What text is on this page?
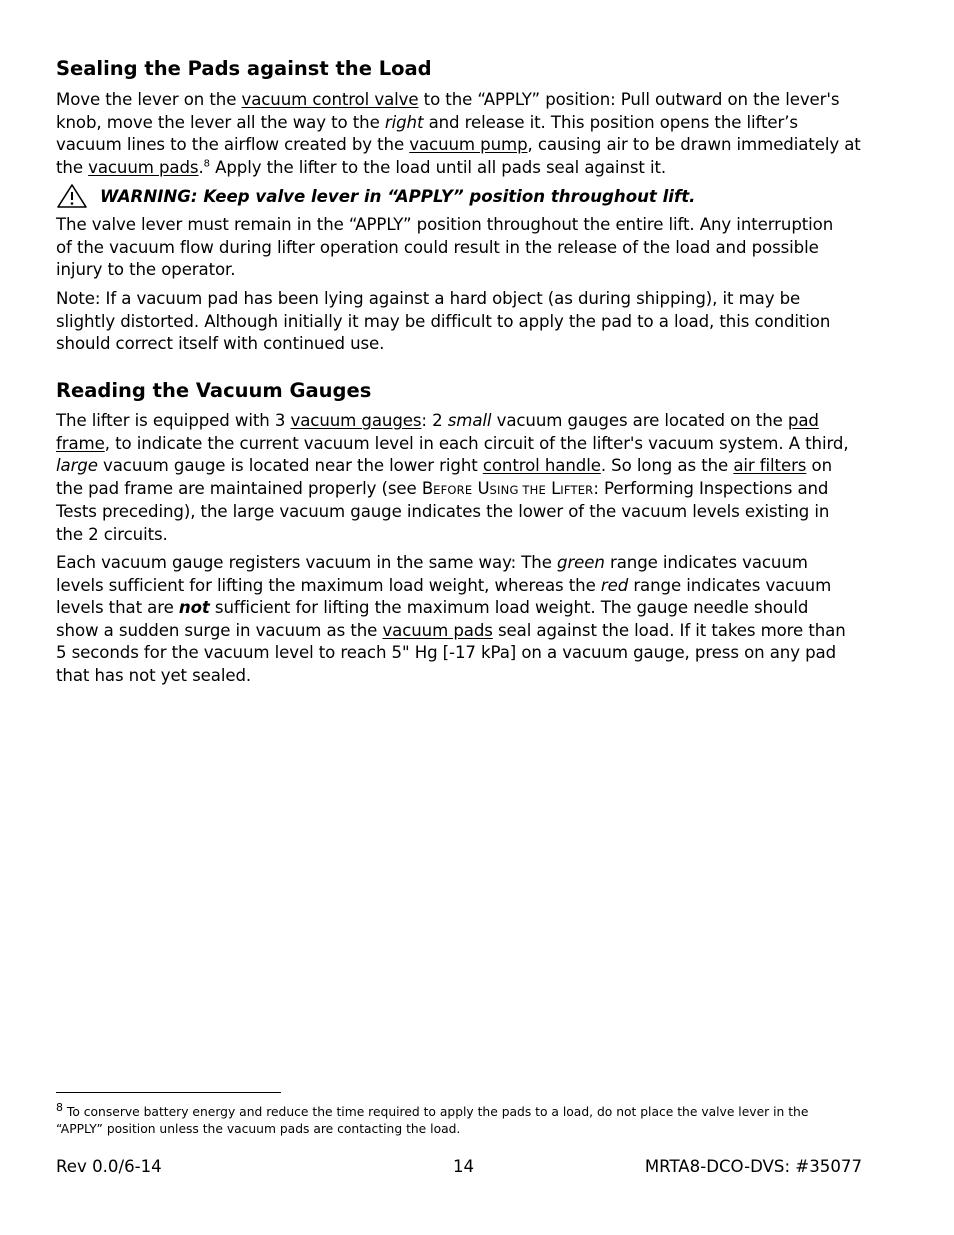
Sealing the Pads against the Load
Move the lever on the vacuum control valve to the “APPLY” position: Pull outward on the lever's
knob, move the lever all the way to the right and release it. This position opens the lifter’s
vacuum lines to the airflow created by the vacuum pump, causing air to be drawn immediately at
the vacuum pads.$^8$ Apply the lifter to the load until all pads seal against it.
WARNING: Keep valve lever in “APPLY” position throughout lift.
The valve lever must remain in the “APPLY” position throughout the entire lift. Any interruption
of the vacuum flow during lifter operation could result in the release of the load and possible
injury to the operator.
Note: If a vacuum pad has been lying against a hard object (as during shipping), it may be
slightly distorted. Although initially it may be difficult to apply the pad to a load, this condition
should correct itself with continued use.
Reading the Vacuum Gauges
The lifter is equipped with 3 vacuum gauges: 2 small vacuum gauges are located on the pad
frame, to indicate the current vacuum level in each circuit of the lifter's vacuum system. A third,
large vacuum gauge is located near the lower right control handle. So long as the air filters on
the pad frame are maintained properly (see BEFORE USING THE LIFTER: Performing Inspections and
Tests preceding), the large vacuum gauge indicates the lower of the vacuum levels existing in
the 2 circuits.
Each vacuum gauge registers vacuum in the same way: The green range indicates vacuum
levels sufficient for lifting the maximum load weight, whereas the red range indicates vacuum
levels that are not sufficient for lifting the maximum load weight. The gauge needle should
show a sudden surge in vacuum as the vacuum pads seal against the load. If it takes more than
5 seconds for the vacuum level to reach 5" Hg [-17 kPa] on a vacuum gauge, press on any pad
that has not yet sealed.
$^8$ To conserve battery energy and reduce the time required to apply the pads to a load, do not place the valve lever in the
“APPLY” position unless the vacuum pads are contacting the load.
Rev 0.0/6-14	14	MRTA8-DCO-DVS: #35077
